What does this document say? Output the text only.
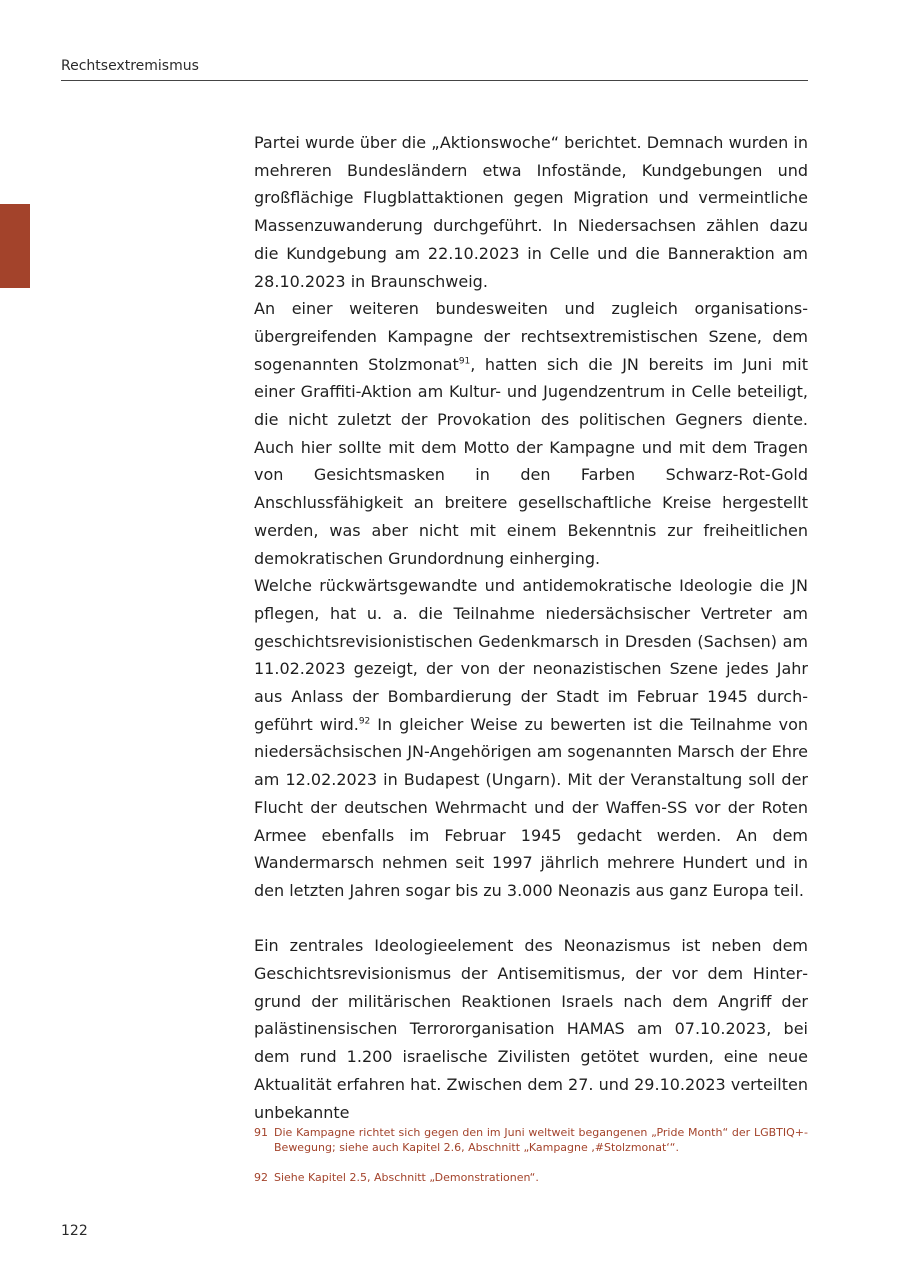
Rechtsextremismus

Partei wurde über die „Aktionswoche“ berichtet. Demnach wurden in mehreren Bundesländern etwa Infostände, Kundgebungen und großflächige Flugblattaktionen gegen Migration und vermeintliche Massenzuwanderung durchgeführt. In Niedersachsen zählen dazu die Kundgebung am 22.10.2023 in Celle und die Banneraktion am 28.10.2023 in Braunschweig.

An einer weiteren bundesweiten und zugleich organisationsübergreifenden Kampagne der rechtsextremistischen Szene, dem sogenannten Stolzmonat$^{91}$, hatten sich die JN bereits im Juni mit einer Graffiti-Aktion am Kultur- und Jugendzentrum in Celle beteiligt, die nicht zuletzt der Provokation des politischen Gegners diente. Auch hier sollte mit dem Motto der Kampagne und mit dem Tragen von Gesichtsmasken in den Farben Schwarz-Rot-Gold Anschlussfähigkeit an breitere gesellschaftliche Kreise hergestellt werden, was aber nicht mit einem Bekenntnis zur freiheitlichen demokratischen Grundordnung einherging.

Welche rückwärtsgewandte und antidemokratische Ideologie die JN pflegen, hat u. a. die Teilnahme niedersächsischer Vertreter am geschichtsrevisionistischen Gedenkmarsch in Dresden (Sachsen) am 11.02.2023 gezeigt, der von der neonazistischen Szene jedes Jahr aus Anlass der Bombardierung der Stadt im Februar 1945 durchgeführt wird.$^{92}$ In gleicher Weise zu bewerten ist die Teilnahme von niedersächsischen JN-Angehörigen am sogenannten Marsch der Ehre am 12.02.2023 in Budapest (Ungarn). Mit der Veranstaltung soll der Flucht der deutschen Wehrmacht und der Waffen-SS vor der Roten Armee ebenfalls im Februar 1945 gedacht werden. An dem Wandermarsch nehmen seit 1997 jährlich mehrere Hundert und in den letzten Jahren sogar bis zu 3.000 Neonazis aus ganz Europa teil.

Ein zentrales Ideologieelement des Neonazismus ist neben dem Geschichtsrevisionismus der Antisemitismus, der vor dem Hintergrund der militärischen Reaktionen Israels nach dem Angriff der palästinensischen Terrororganisation HAMAS am 07.10.2023, bei dem rund 1.200 israelische Zivilisten getötet wurden, eine neue Aktualität erfahren hat. Zwischen dem 27. und 29.10.2023 verteilten unbekannte

91 Die Kampagne richtet sich gegen den im Juni weltweit begangenen „Pride Month“ der LGBTIQ+-Bewegung; siehe auch Kapitel 2.6, Abschnitt „Kampagne ‚#Stolzmonat‘“.
92 Siehe Kapitel 2.5, Abschnitt „Demonstrationen“.
122
